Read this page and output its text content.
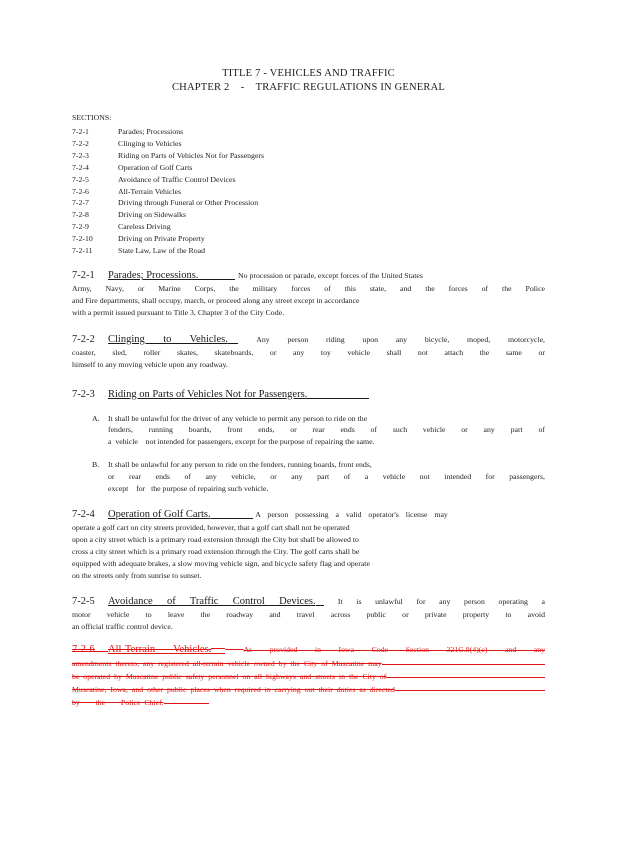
TITLE 7 - VEHICLES AND TRAFFIC
CHAPTER 2    -    TRAFFIC REGULATIONS IN GENERAL
SECTIONS:
7-2-1	Parades; Processions
7-2-2	Clinging to Vehicles
7-2-3	Riding on Parts of Vehicles Not for Passengers
7-2-4	Operation of Golf Carts
7-2-5	Avoidance of Traffic Control Devices
7-2-6	All-Terrain Vehicles
7-2-7	Driving through Funeral or Other Procession
7-2-8	Driving on Sidewalks
7-2-9	Careless Driving
7-2-10	Driving on Private Property
7-2-11	State Law, Law of the Road
7-2-1 Parades; Processions.	No procession or parade, except forces of the United States
Army, Navy, or Marine Corps, the military forces of this state, and the forces of the Police
and Fire departments, shall occupy, march, or proceed along any street except in accordance
with a permit issued pursuant to Title 3, Chapter 3 of the City Code.
7-2-2 Clinging to Vehicles.	Any person riding upon any bicycle, moped, motorcycle,
coaster, sled, roller skates, skateboards, or any toy vehicle shall not attach the same or
himself to any moving vehicle upon any roadway.
7-2-3 Riding on Parts of Vehicles Not for Passengers.
A. It shall be unlawful for the driver of any vehicle to permit any person to ride on the
fenders, running boards, front ends, or rear ends of such vehicle or any part of
a  vehicle    not intended for passengers, except for the purpose of repairing the same.
B. It shall be unlawful for any person to ride on the fenders, running boards, front ends,
or rear ends of any vehicle, or any part of a vehicle not intended for passengers,
except    for   the purpose of repairing such vehicle.
7-2-4 Operation of Golf Carts.	A person possessing a valid operator's license may
operate a golf cart on city streets provided, however, that a golf cart shall not be operated
upon a city street which is a primary road extension through the City but shall be allowed to
cross a city street which is a primary road extension through the City. The golf carts shall be
equipped with adequate brakes, a slow moving vehicle sign, and bicycle safety flag and operate
on the streets only from sunrise to sunset.
7-2-5 Avoidance of Traffic Control Devices.	It is unlawful for any person operating a
motor vehicle to leave the roadway and travel across public or private property to avoid
an official traffic control device.
7-2-6 All-Terrain Vehicles.	As provided in Iowa Code Section 321G.9(4)(c) and any
amendments thereto, any registered all-terrain vehicle owned by the City of Muscatine may
be operated by Muscatine public safety personnel on all highways and streets in the City of
Muscatine, Iowa, and other public places when required in carrying out their duties as directed
by    the    Police Chief.
